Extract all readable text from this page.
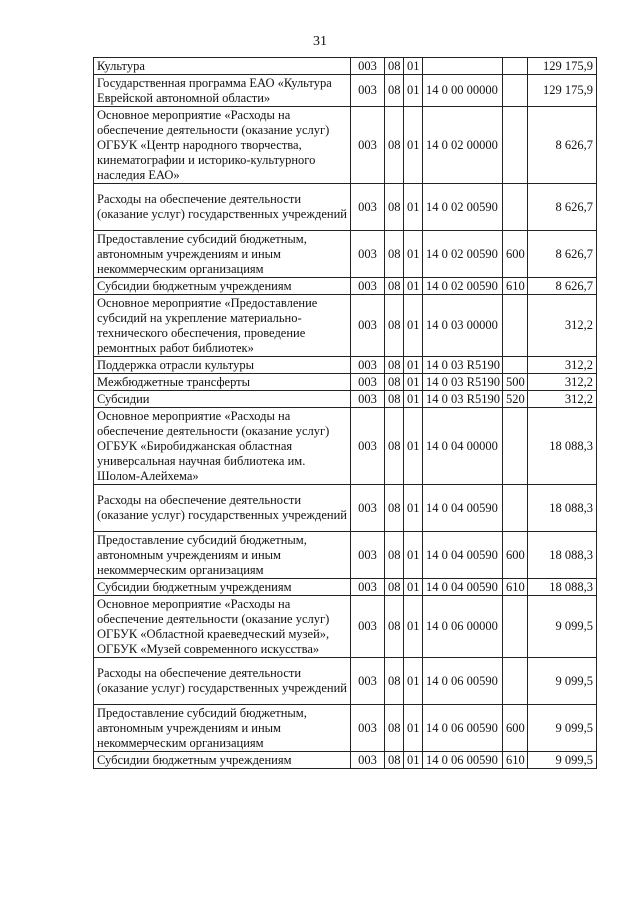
31
Культура	003	08	01			129 175,9
Государственная программа ЕАО «Культура Еврейской автономной области»	003	08	01	14 0 00 00000		129 175,9
Основное мероприятие «Расходы на обеспечение деятельности (оказание услуг) ОГБУК «Центр народного творчества, кинематографии и историко-культурного наследия ЕАО»	003	08	01	14 0 02 00000		8 626,7
Расходы на обеспечение деятельности (оказание услуг) государственных учреждений	003	08	01	14 0 02 00590		8 626,7
Предоставление субсидий бюджетным, автономным учреждениям и иным некоммерческим организациям	003	08	01	14 0 02 00590	600	8 626,7
Субсидии бюджетным учреждениям	003	08	01	14 0 02 00590	610	8 626,7
Основное мероприятие «Предоставление субсидий на укрепление материально-технического обеспечения, проведение ремонтных работ библиотек»	003	08	01	14 0 03 00000		312,2
Поддержка отрасли культуры	003	08	01	14 0 03 R5190		312,2
Межбюджетные трансферты	003	08	01	14 0 03 R5190	500	312,2
Субсидии	003	08	01	14 0 03 R5190	520	312,2
Основное мероприятие «Расходы на обеспечение деятельности (оказание услуг) ОГБУК «Биробиджанская областная универсальная научная библиотека им. Шолом-Алейхема»	003	08	01	14 0 04 00000		18 088,3
Расходы на обеспечение деятельности (оказание услуг) государственных учреждений	003	08	01	14 0 04 00590		18 088,3
Предоставление субсидий бюджетным, автономным учреждениям и иным некоммерческим организациям	003	08	01	14 0 04 00590	600	18 088,3
Субсидии бюджетным учреждениям	003	08	01	14 0 04 00590	610	18 088,3
Основное мероприятие «Расходы на обеспечение деятельности (оказание услуг) ОГБУК «Областной краеведческий музей», ОГБУК «Музей современного искусства»	003	08	01	14 0 06 00000		9 099,5
Расходы на обеспечение деятельности (оказание услуг) государственных учреждений	003	08	01	14 0 06 00590		9 099,5
Предоставление субсидий бюджетным, автономным учреждениям и иным некоммерческим организациям	003	08	01	14 0 06 00590	600	9 099,5
Субсидии бюджетным учреждениям	003	08	01	14 0 06 00590	610	9 099,5
